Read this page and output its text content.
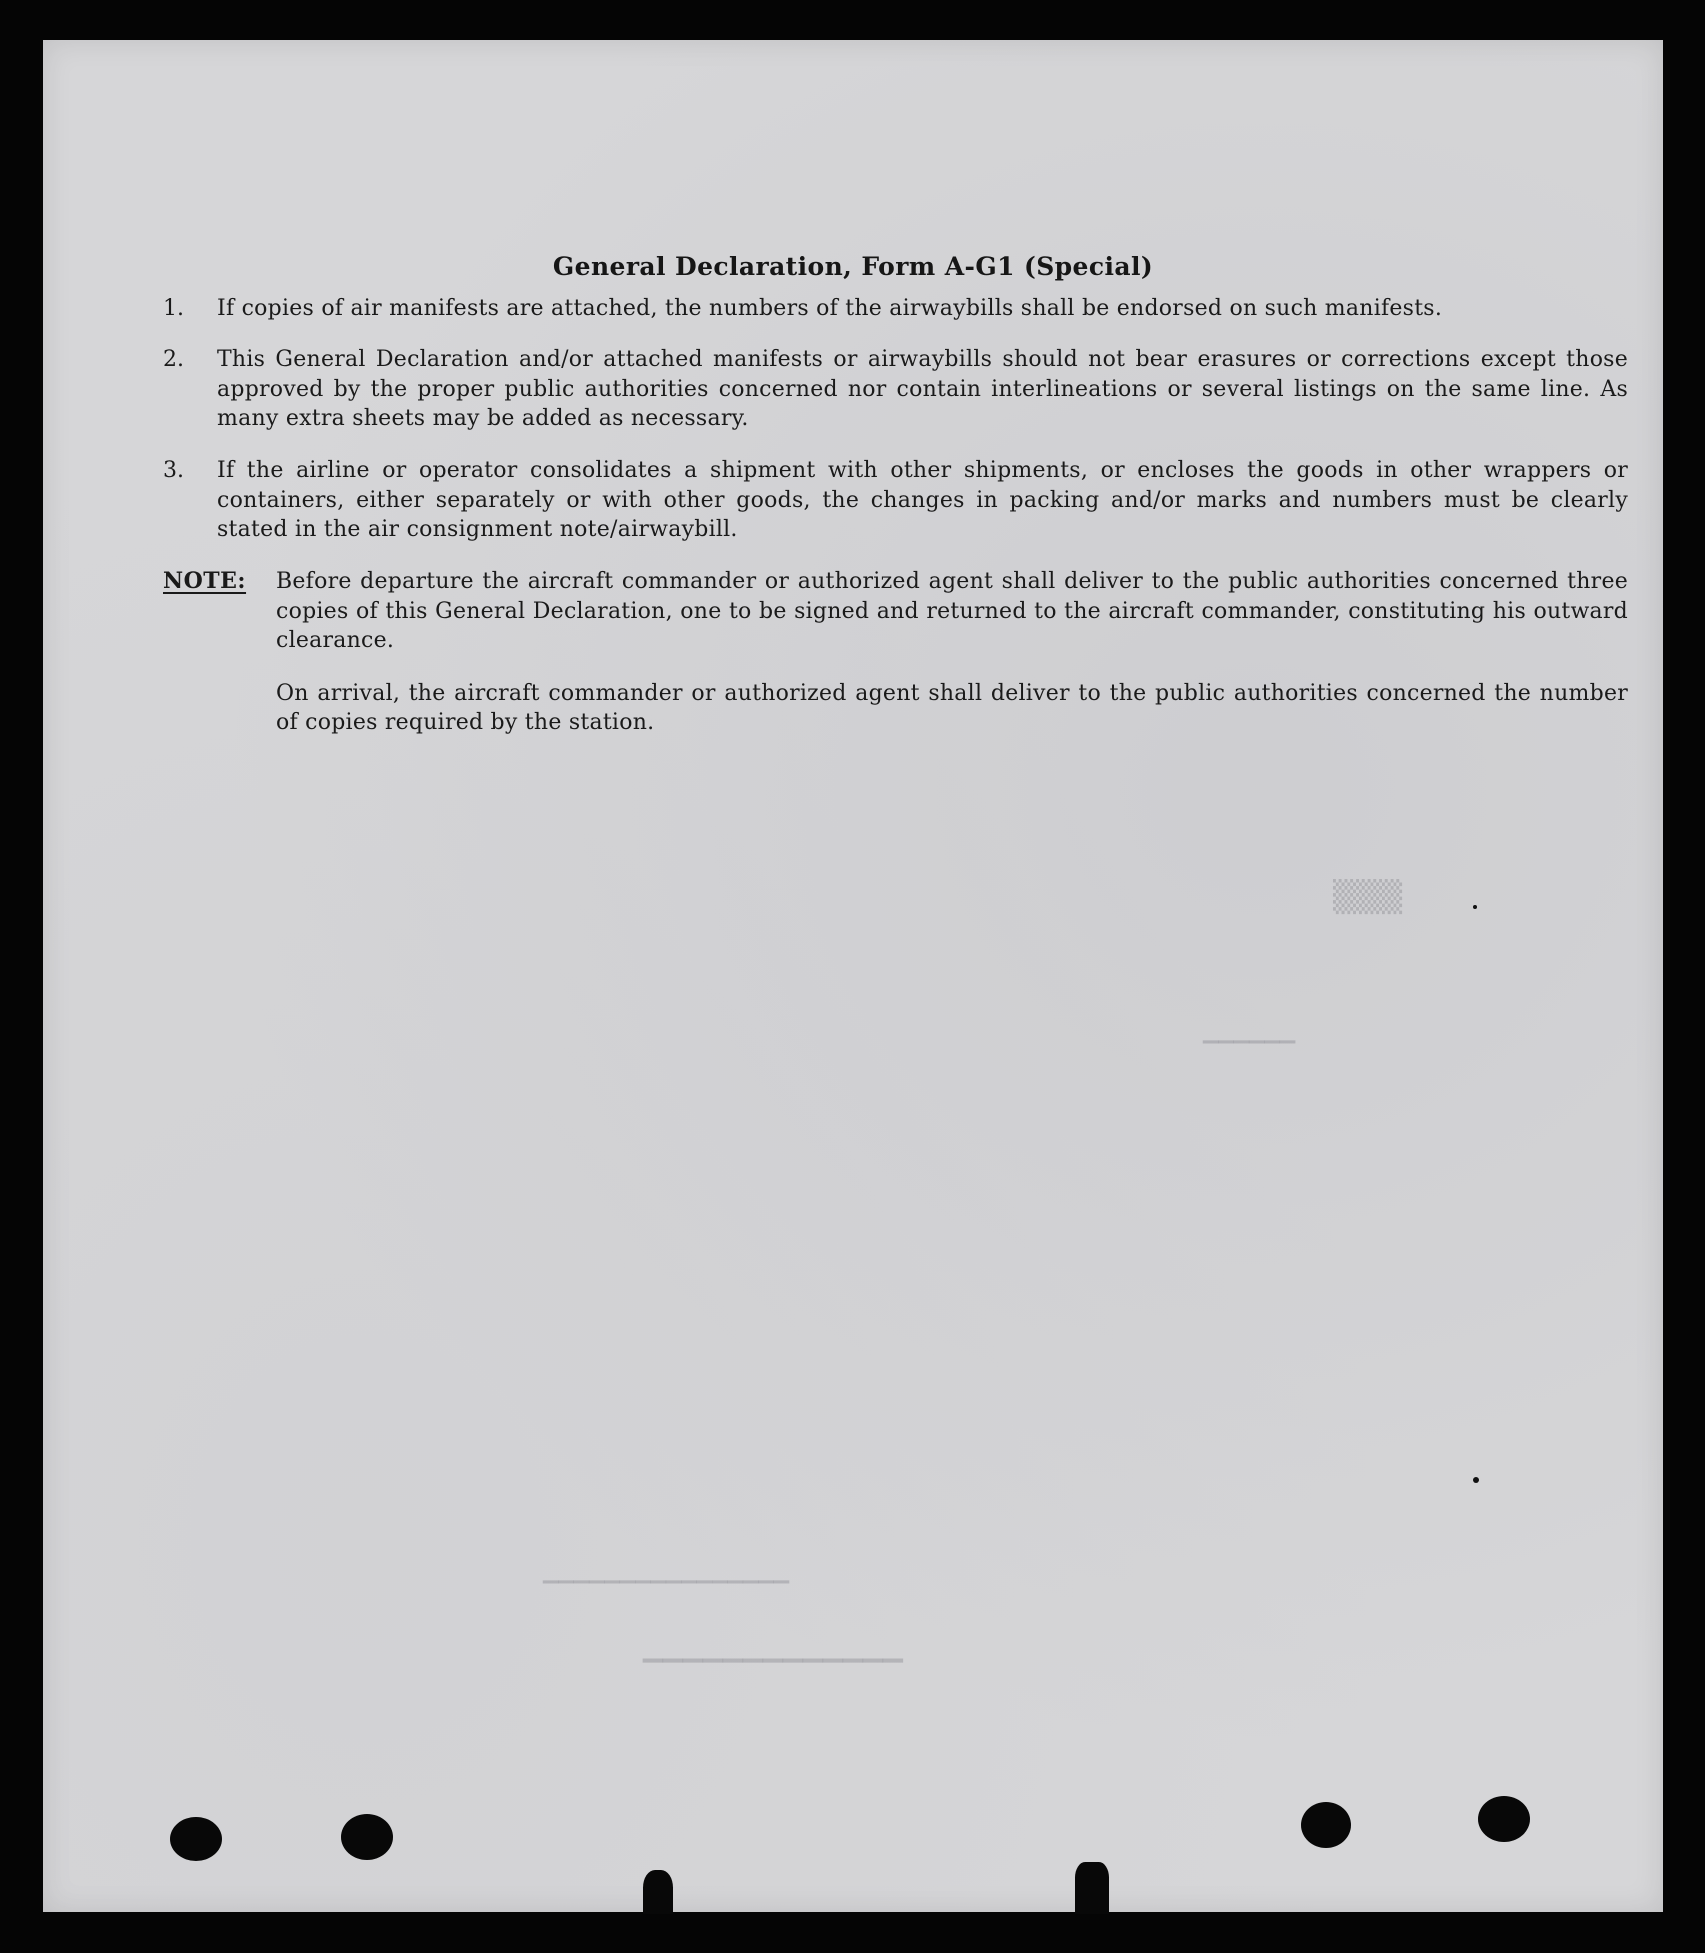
▒▒▒
▔▔▔▔▔▔
▔▔▔▔▔▔▔▔▔▔▔▔▔▔▔▔
▔▔▔▔▔▔▔▔▔▔▔▔▔
General Declaration, Form A-G1 (Special)
1.	If copies of air manifests are attached, the numbers of the airwaybills shall be endorsed on such manifests.
2.	This General Declaration and/or attached manifests or airwaybills should not bear erasures or corrections except those approved by the proper public authorities concerned nor contain interlineations or several listings on the same line. As many extra sheets may be added as necessary.
3.	If the airline or operator consolidates a shipment with other shipments, or encloses the goods in other wrappers or containers, either separately or with other goods, the changes in packing and/or marks and numbers must be clearly stated in the air consignment note/airwaybill.
NOTE: Before departure the aircraft commander or authorized agent shall deliver to the public authorities concerned three copies of this General Declaration, one to be signed and returned to the aircraft commander, constituting his outward clearance.
On arrival, the aircraft commander or authorized agent shall deliver to the public authorities concerned the number of copies required by the station.
